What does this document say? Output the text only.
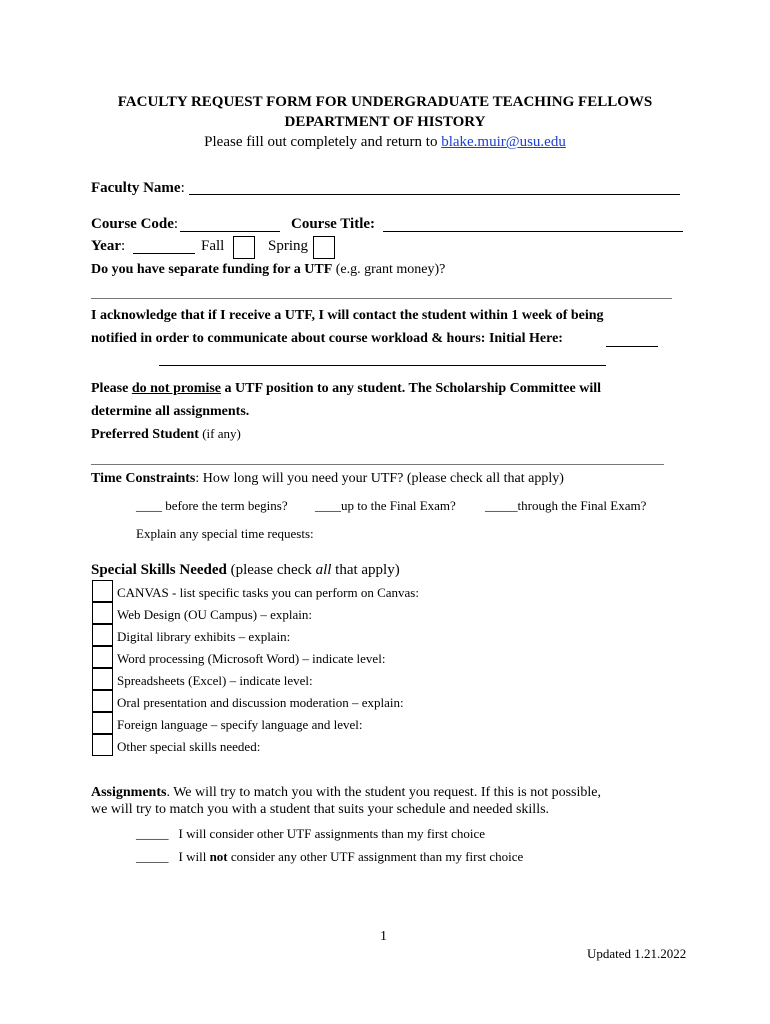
FACULTY REQUEST FORM FOR UNDERGRADUATE TEACHING FELLOWS
DEPARTMENT OF HISTORY
Please fill out completely and return to blake.muir@usu.edu
Faculty Name:
Course Code:	Course Title:
Year:	Fall	Spring
Do you have separate funding for a UTF (e.g. grant money)?
I acknowledge that if I receive a UTF, I will contact the student within 1 week of being
notified in order to communicate about course workload & hours: Initial Here:
Please do not promise a UTF position to any student. The Scholarship Committee will
determine all assignments.
Preferred Student (if any)
Time Constraints: How long will you need your UTF? (please check all that apply)
____ before the term begins? ____up to the Final Exam? _____through the Final Exam?
Explain any special time requests:
Special Skills Needed (please check all that apply)
CANVAS - list specific tasks you can perform on Canvas:
Web Design (OU Campus) – explain:
Digital library exhibits – explain:
Word processing (Microsoft Word) – indicate level:
Spreadsheets (Excel) – indicate level:
Oral presentation and discussion moderation – explain:
Foreign language – specify language and level:
Other special skills needed:
Assignments. We will try to match you with the student you request. If this is not possible,
we will try to match you with a student that suits your schedule and needed skills.
_____ I will consider other UTF assignments than my first choice
_____ I will not consider any other UTF assignment than my first choice
1
Updated 1.21.2022
